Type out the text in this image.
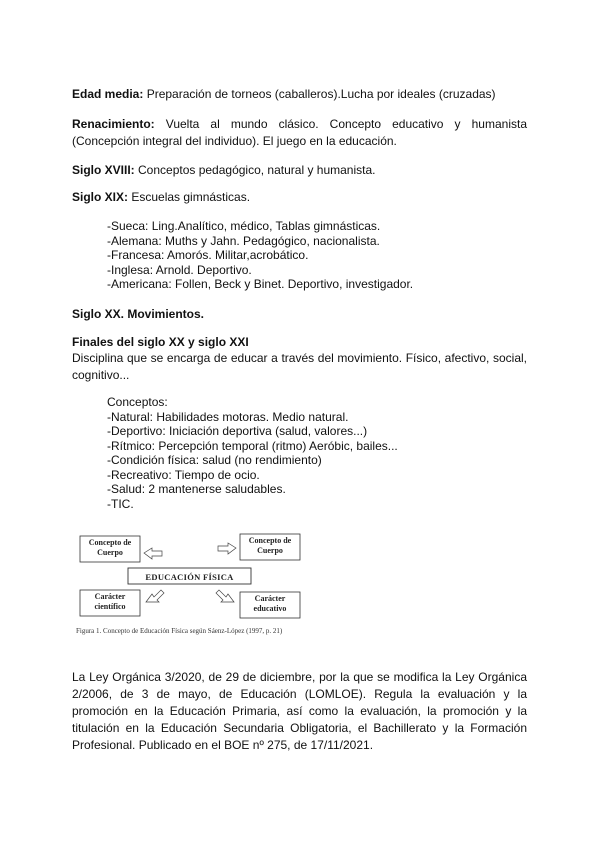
Edad media: Preparación de torneos (caballeros).Lucha por ideales (cruzadas)
Renacimiento: Vuelta al mundo clásico. Concepto educativo y humanista (Concepción integral del individuo). El juego en la educación.
Siglo XVIII: Conceptos pedagógico, natural y humanista.
Siglo XIX: Escuelas gimnásticas.
-Sueca: Ling.Analítico, médico, Tablas gimnásticas.
-Alemana: Muths y Jahn. Pedagógico, nacionalista.
-Francesa: Amorós. Militar,acrobático.
-Inglesa: Arnold. Deportivo.
-Americana: Follen, Beck y Binet. Deportivo, investigador.
Siglo XX. Movimientos.
Finales del siglo XX y siglo XXI
Disciplina que se encarga de educar a través del movimiento. Físico, afectivo, social, cognitivo...
Conceptos:
-Natural: Habilidades motoras. Medio natural.
-Deportivo: Iniciación deportiva (salud, valores...)
-Rítmico: Percepción temporal (ritmo) Aeróbic, bailes...
-Condición física: salud (no rendimiento)
-Recreativo: Tiempo de ocio.
-Salud: 2 mantenerse saludables.
-TIC.
Concepto de
Cuerpo
Concepto de
Cuerpo
EDUCACIÓN FÍSICA
Carácter
científico
Carácter
educativo
Figura 1. Concepto de Educación Física según Sáenz-López (1997, p. 21)
La Ley Orgánica 3/2020, de 29 de diciembre, por la que se modifica la Ley Orgánica 2/2006, de 3 de mayo, de Educación (LOMLOE). Regula la evaluación y la promoción en la Educación Primaria, así como la evaluación, la promoción y la titulación en la Educación Secundaria Obligatoria, el Bachillerato y la Formación Profesional. Publicado en el BOE nº 275, de 17/11/2021.
